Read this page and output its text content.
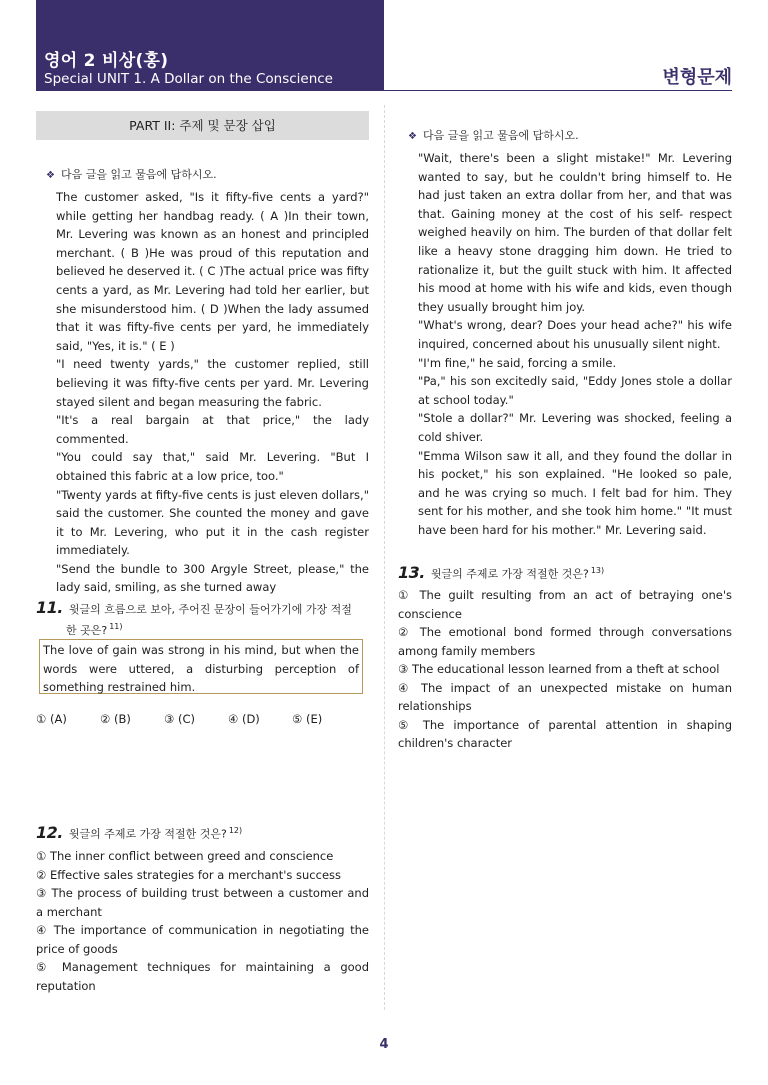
영어 2 비상(홍)
Special UNIT 1. A Dollar on the Conscience	변형문제
PART II: 주제 및 문장 삽입
❖ 다음 글을 읽고 물음에 답하시오.

The customer asked, "Is it fifty-five cents a yard?" while getting her handbag ready. ( A )In their town, Mr. Levering was known as an honest and principled merchant. ( B )He was proud of this reputation and believed he deserved it. ( C )The actual price was fifty cents a yard, as Mr. Levering had told her earlier, but she misunderstood him. ( D )When the lady assumed that it was fifty-five cents per yard, he immediately said, "Yes, it is." ( E )

"I need twenty yards," the customer replied, still believing it was fifty-five cents per yard. Mr. Levering stayed silent and began measuring the fabric.

"It's a real bargain at that price," the lady commented.

"You could say that," said Mr. Levering. "But I obtained this fabric at a low price, too."

"Twenty yards at fifty-five cents is just eleven dollars," said the customer. She counted the money and gave it to Mr. Levering, who put it in the cash register immediately.

"Send the bundle to 300 Argyle Street, please," the lady said, smiling, as she turned away

11. 윗글의 흐름으로 보아, 주어진 문장이 들어가기에 가장 적절
한 곳은? $^{11)}$
The love of gain was strong in his mind, but when the words were uttered, a disturbing perception of something restrained him.
① (A)	② (B)	③ (C)	④ (D)	⑤ (E)
12. 윗글의 주제로 가장 적절한 것은? $^{12)}$
① The inner conflict between greed and conscience
② Effective sales strategies for a merchant's success
③ The process of building trust between a customer and a merchant
④ The importance of communication in negotiating the price of goods
⑤ Management techniques for maintaining a good reputation
❖ 다음 글을 읽고 물음에 답하시오.

"Wait, there's been a slight mistake!" Mr. Levering wanted to say, but he couldn't bring himself to. He had just taken an extra dollar from her, and that was that. Gaining money at the cost of his self- respect weighed heavily on him. The burden of that dollar felt like a heavy stone dragging him down. He tried to rationalize it, but the guilt stuck with him. It affected his mood at home with his wife and kids, even though they usually brought him joy.

"What's wrong, dear? Does your head ache?" his wife inquired, concerned about his unusually silent night.

"I'm fine," he said, forcing a smile.

"Pa," his son excitedly said, "Eddy Jones stole a dollar at school today."

"Stole a dollar?" Mr. Levering was shocked, feeling a cold shiver.

"Emma Wilson saw it all, and they found the dollar in his pocket," his son explained. "He looked so pale, and he was crying so much. I felt bad for him. They sent for his mother, and she took him home." "It must have been hard for his mother." Mr. Levering said.

13. 윗글의 주제로 가장 적절한 것은? $^{13)}$
① The guilt resulting from an act of betraying one's conscience
② The emotional bond formed through conversations among family members
③ The educational lesson learned from a theft at school
④ The impact of an unexpected mistake on human relationships
⑤ The importance of parental attention in shaping children's character
4
